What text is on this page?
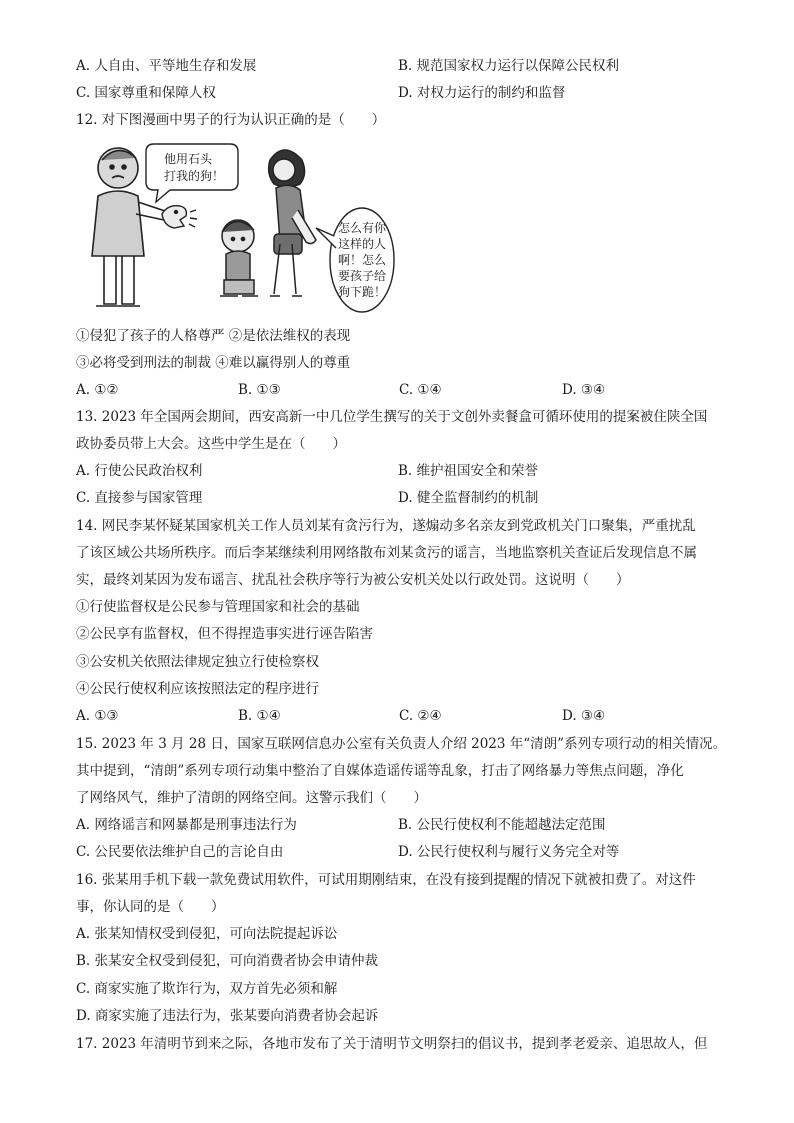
A. 人自由、平等地生存和发展	B. 规范国家权力运行以保障公民权利
C. 国家尊重和保障人权	D. 对权力运行的制约和监督
12. 对下图漫画中男子的行为认识正确的是（　　）
他用石头
打我的狗！
怎么有你
这样的人
啊！怎么
要孩子给
狗下跪！
①侵犯了孩子的人格尊严 ②是依法维权的表现
③必将受到刑法的制裁 ④难以赢得别人的尊重
A. ①②	B. ①③	C. ①④	D. ③④
13. 2023 年全国两会期间，西安高新一中几位学生撰写的关于文创外卖餐盒可循环使用的提案被住陕全国
政协委员带上大会。这些中学生是在（　　）
A. 行使公民政治权利	B. 维护祖国安全和荣誉
C. 直接参与国家管理	D. 健全监督制约的机制
14. 网民李某怀疑某国家机关工作人员刘某有贪污行为，遂煽动多名亲友到党政机关门口聚集，严重扰乱
了该区域公共场所秩序。而后李某继续利用网络散布刘某贪污的谣言，当地监察机关查证后发现信息不属
实，最终刘某因为发布谣言、扰乱社会秩序等行为被公安机关处以行政处罚。这说明（　　）
①行使监督权是公民参与管理国家和社会的基础
②公民享有监督权，但不得捏造事实进行诬告陷害
③公安机关依照法律规定独立行使检察权
④公民行使权利应该按照法定的程序进行
A. ①③	B. ①④	C. ②④	D. ③④
15. 2023 年 3 月 28 日，国家互联网信息办公室有关负责人介绍 2023 年“清朗”系列专项行动的相关情况。
其中提到，“清朗”系列专项行动集中整治了自媒体造谣传谣等乱象，打击了网络暴力等焦点问题，净化
了网络风气，维护了清朗的网络空间。这警示我们（　　）
A. 网络谣言和网暴都是刑事违法行为	B. 公民行使权利不能超越法定范围
C. 公民要依法维护自己的言论自由	D. 公民行使权利与履行义务完全对等
16. 张某用手机下载一款免费试用软件，可试用期刚结束，在没有接到提醒的情况下就被扣费了。对这件
事，你认同的是（　　）
A. 张某知情权受到侵犯，可向法院提起诉讼
B. 张某安全权受到侵犯，可向消费者协会申请仲裁
C. 商家实施了欺诈行为，双方首先必须和解
D. 商家实施了违法行为，张某要向消费者协会起诉
17. 2023 年清明节到来之际，各地市发布了关于清明节文明祭扫的倡议书，提到孝老爱亲、追思故人，但
